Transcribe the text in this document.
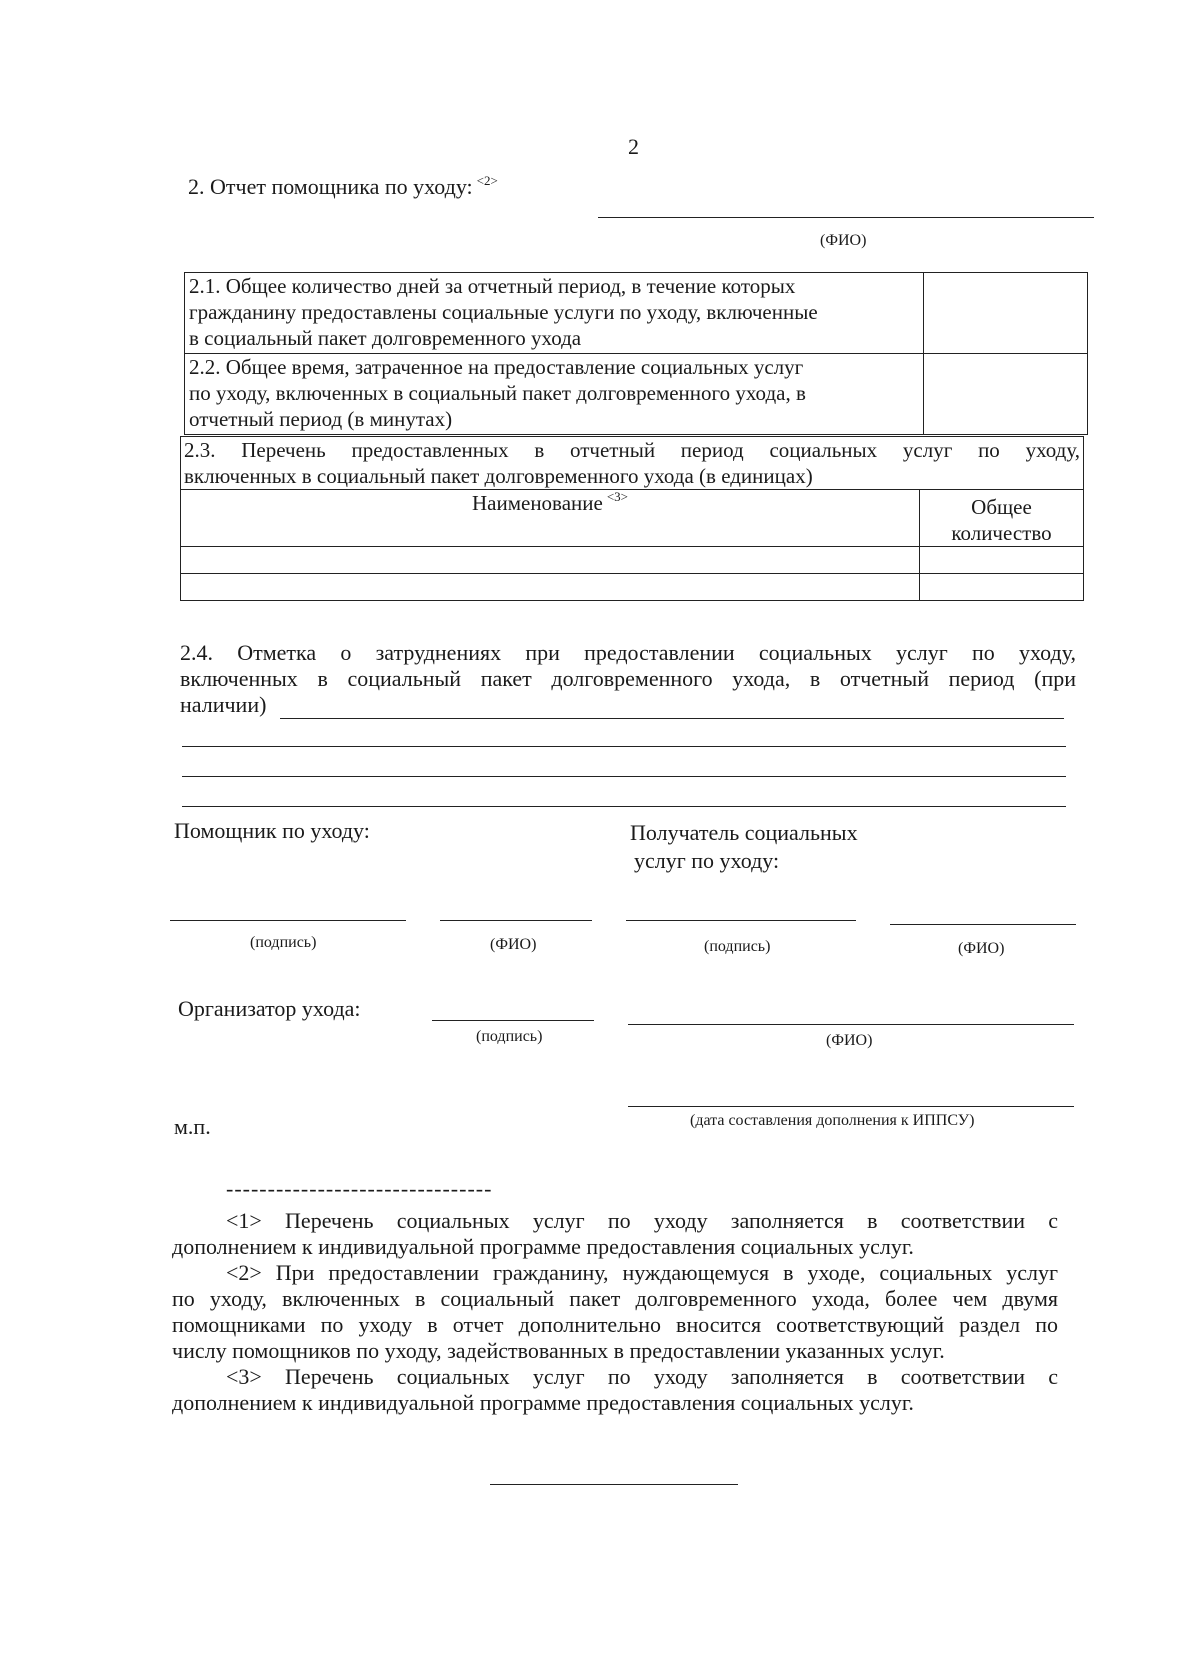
2
2. Отчет помощника по уходу: $^{<2>}$
(ФИО)
2.1. Общее количество дней за отчетный период, в течение которых
гражданину предоставлены социальные услуги по уходу, включенные
в социальный пакет долговременного ухода	

2.2. Общее время, затраченное на предоставление социальных услуг
по уходу, включенных в социальный пакет долговременного ухода, в
отчетный период (в минутах)	

2.3. Перечень предоставленных в отчетный период социальных услуг по уходу,
включенных в социальный пакет долговременного ухода (в единицах)	

Наименование $^{<3>}$	Общее
количество

2.4. Отметка о затруднениях при предоставлении социальных услуг по уходу,
включенных в социальный пакет долговременного ухода, в отчетный период (при
наличии)
Помощник по уходу:	Получатель социальных
услуг по уходу:
(подпись)	(ФИО)	(подпись)	(ФИО)
Организатор ухода:
(подпись)	(ФИО)
м.п.	(дата составления дополнения к ИППСУ)
--------------------------------
<1> Перечень социальных услуг по уходу заполняется в соответствии с
дополнением к индивидуальной программе предоставления социальных услуг.
<2> При предоставлении гражданину, нуждающемуся в уходе, социальных услуг
по уходу, включенных в социальный пакет долговременного ухода, более чем двумя
помощниками по уходу в отчет дополнительно вносится соответствующий раздел по
числу помощников по уходу, задействованных в предоставлении указанных услуг.
<3> Перечень социальных услуг по уходу заполняется в соответствии с
дополнением к индивидуальной программе предоставления социальных услуг.
